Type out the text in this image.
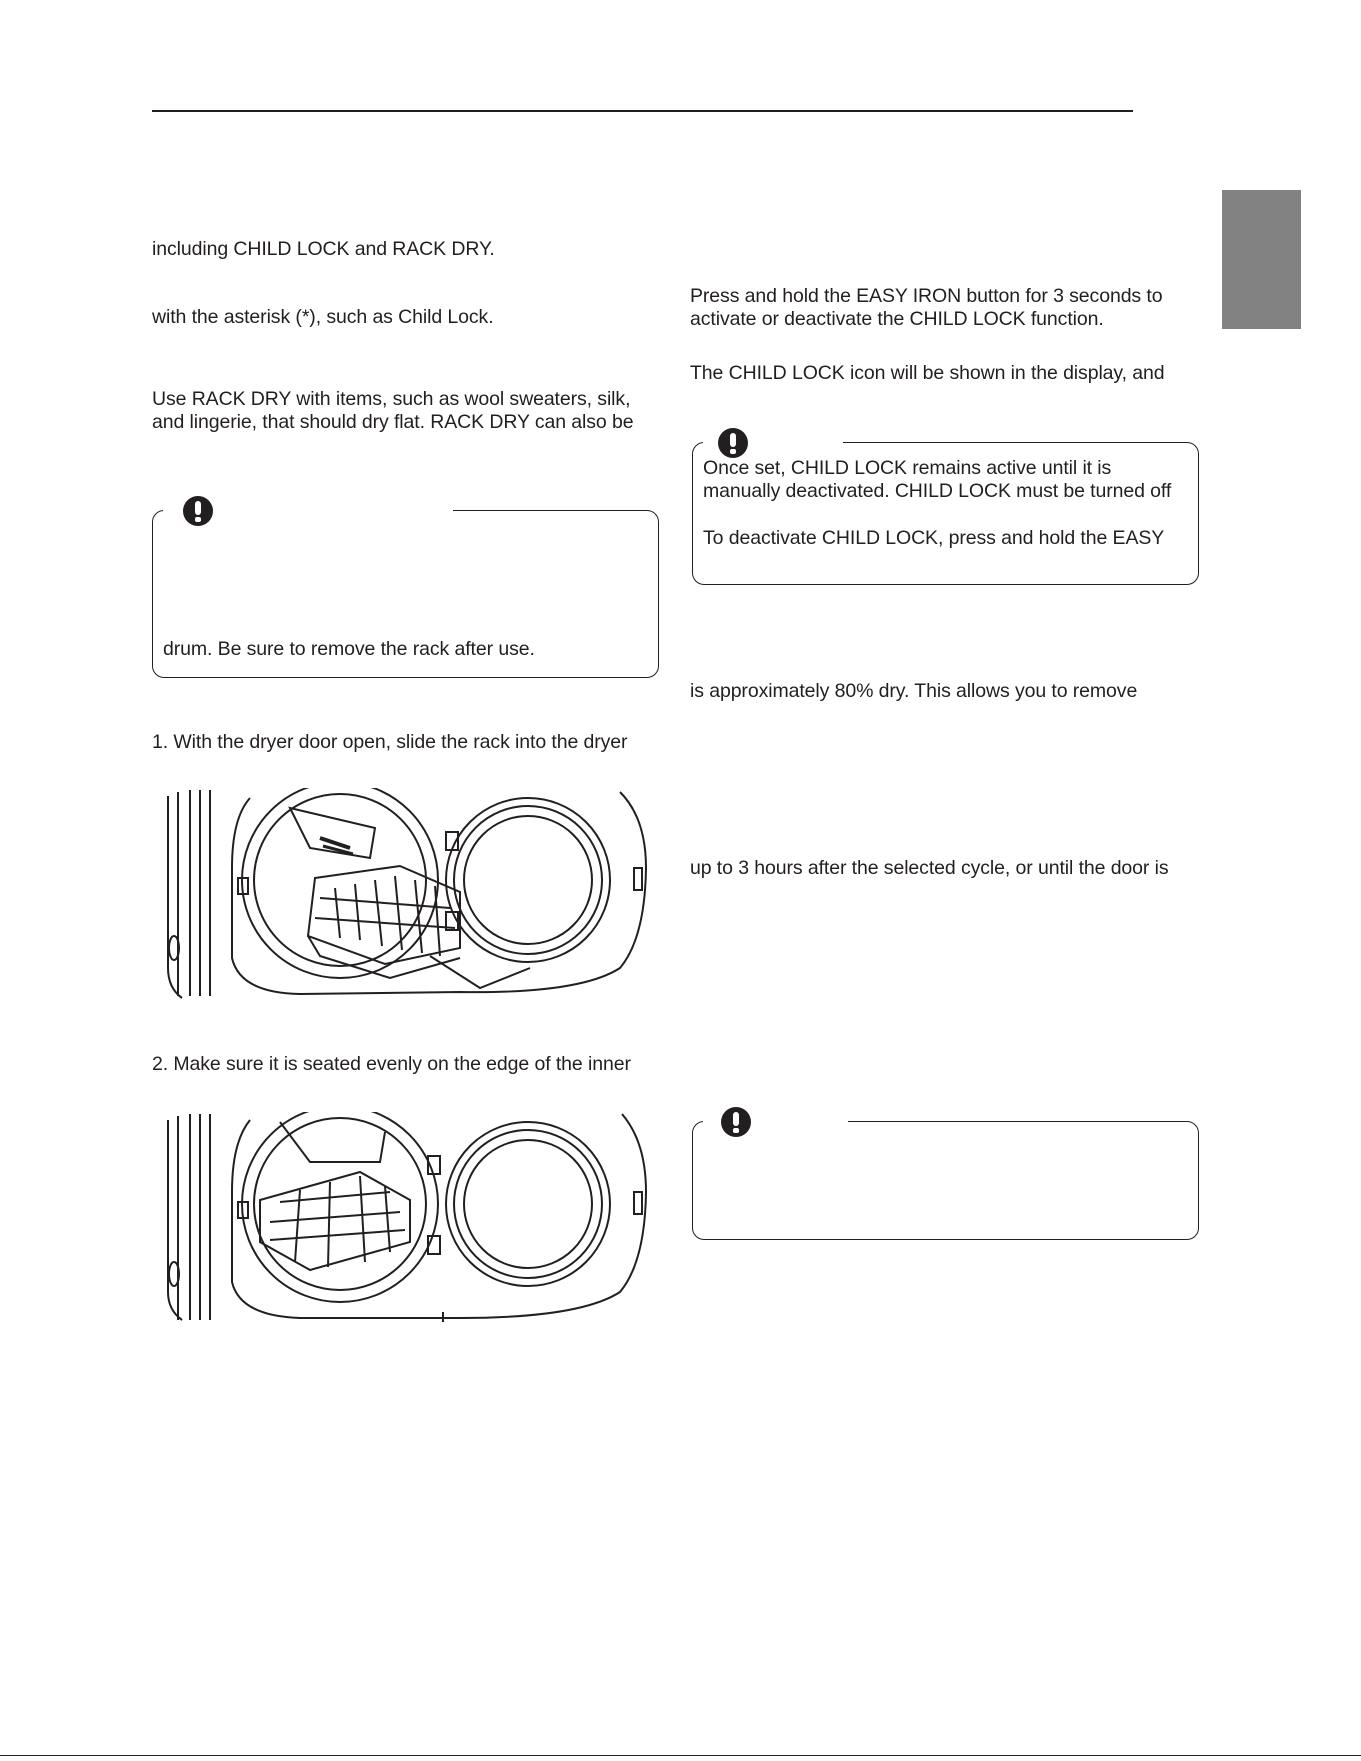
including CHILD LOCK and RACK DRY.
with the asterisk (*), such as Child Lock.
Use RACK DRY with items, such as wool sweaters, silk,
and lingerie, that should dry flat. RACK DRY can also be
drum. Be sure to remove the rack after use.
1. With the dryer door open, slide the rack into the dryer
2. Make sure it is seated evenly on the edge of the inner
Press and hold the EASY IRON button for 3 seconds to
activate or deactivate the CHILD LOCK function.
The CHILD LOCK icon will be shown in the display, and
Once set, CHILD LOCK remains active until it is
manually deactivated. CHILD LOCK must be turned off
To deactivate CHILD LOCK, press and hold the EASY
is approximately 80% dry. This allows you to remove
up to 3 hours after the selected cycle, or until the door is
